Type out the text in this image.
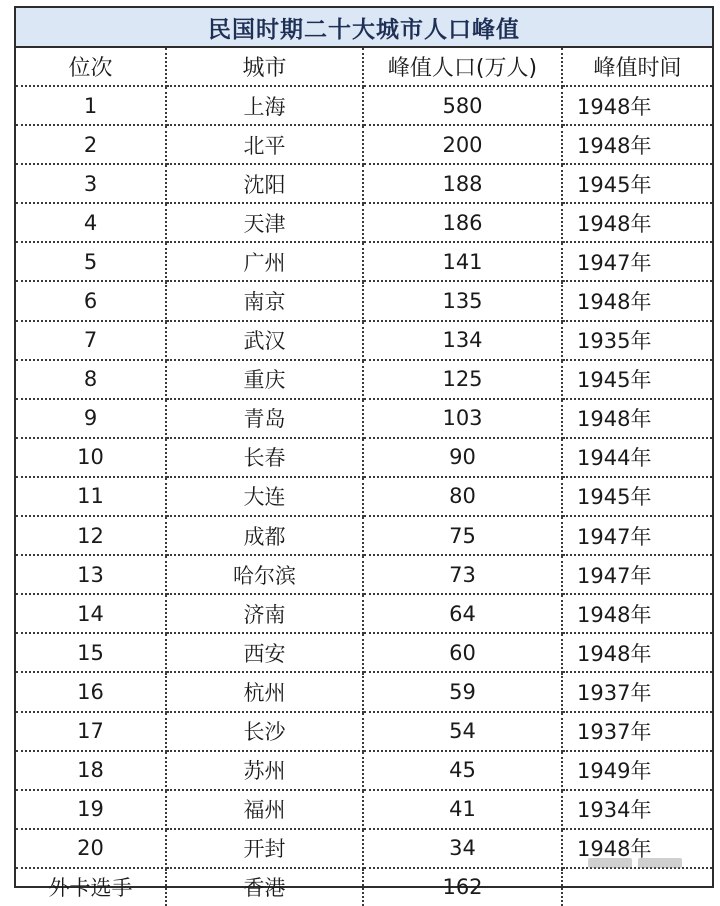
民国时期二十大城市人口峰值
位次	城市	峰值人口(万人)	峰值时间
1	上海	580	1948年
2	北平	200	1948年
3	沈阳	188	1945年
4	天津	186	1948年
5	广州	141	1947年
6	南京	135	1948年
7	武汉	134	1935年
8	重庆	125	1945年
9	青岛	103	1948年
10	长春	90	1944年
11	大连	80	1945年
12	成都	75	1947年
13	哈尔滨	73	1947年
14	济南	64	1948年
15	西安	60	1948年
16	杭州	59	1937年
17	长沙	54	1937年
18	苏州	45	1949年
19	福州	41	1934年
20	开封	34	1948年
外卡选手	香港	162	
